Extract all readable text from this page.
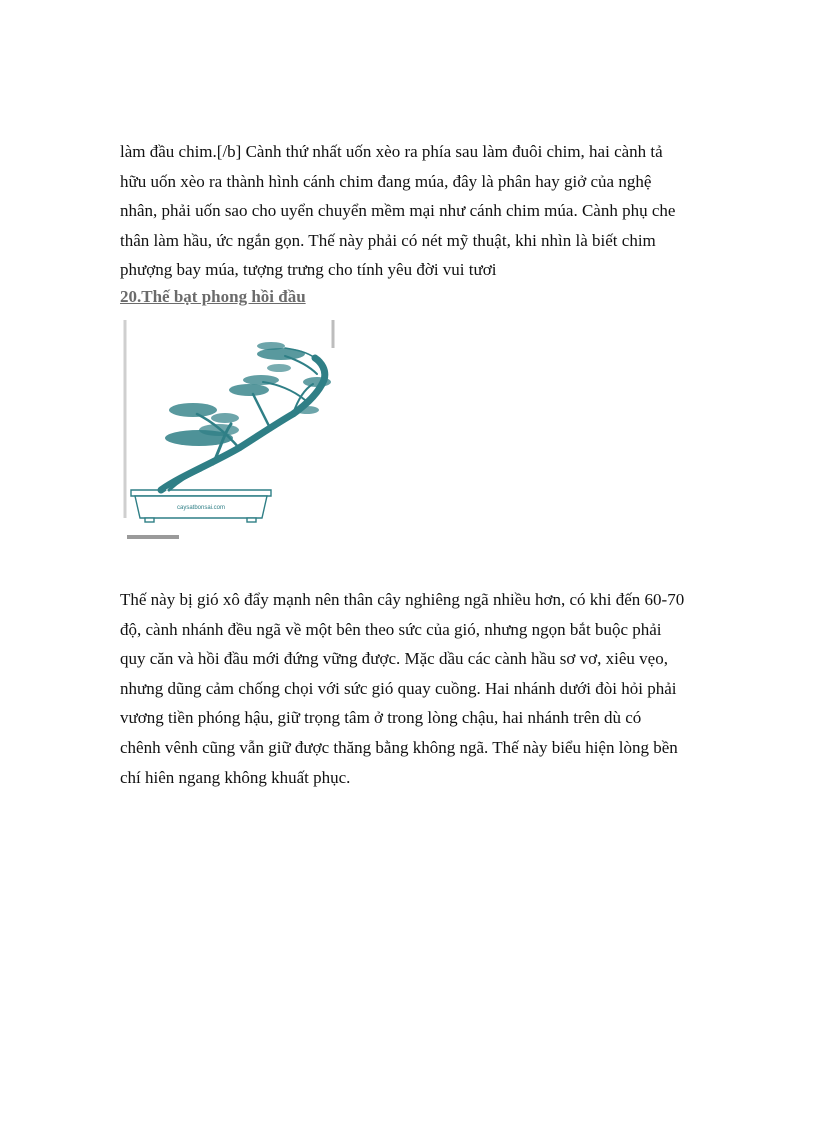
làm đầu chim.[/b] Cành thứ nhất uốn xèo ra phía sau làm đuôi chim, hai cành tả
hữu uốn xèo ra thành hình cánh chim đang múa, đây là phân hay giở của nghệ
nhân, phải uốn sao cho uyển chuyển mềm mại như cánh chim múa. Cành phụ che
thân làm hầu, ức ngắn gọn. Thế này phải có nét mỹ thuật, khi nhìn là biết chim
phượng bay múa, tượng trưng cho tính yêu đời vui tươi

20.Thế bạt phong hồi đầu
caysatbonsai.com

Thế này bị gió xô đẩy mạnh nên thân cây nghiêng ngã nhiều hơn, có khi đến 60-70
độ, cành nhánh đều ngã về một bên theo sức của gió, nhưng ngọn bắt buộc phải
quy căn và hồi đầu mới đứng vững được. Mặc dầu các cành hầu sơ vơ, xiêu vẹo,
nhưng dũng cảm chống chọi với sức gió quay cuồng. Hai nhánh dưới đòi hỏi phải
vương tiền phóng hậu, giữ trọng tâm ở trong lòng chậu, hai nhánh trên dù có
chênh vênh cũng vẫn giữ được thăng bằng không ngã. Thế này biểu hiện lòng bền
chí hiên ngang không khuất phục.
